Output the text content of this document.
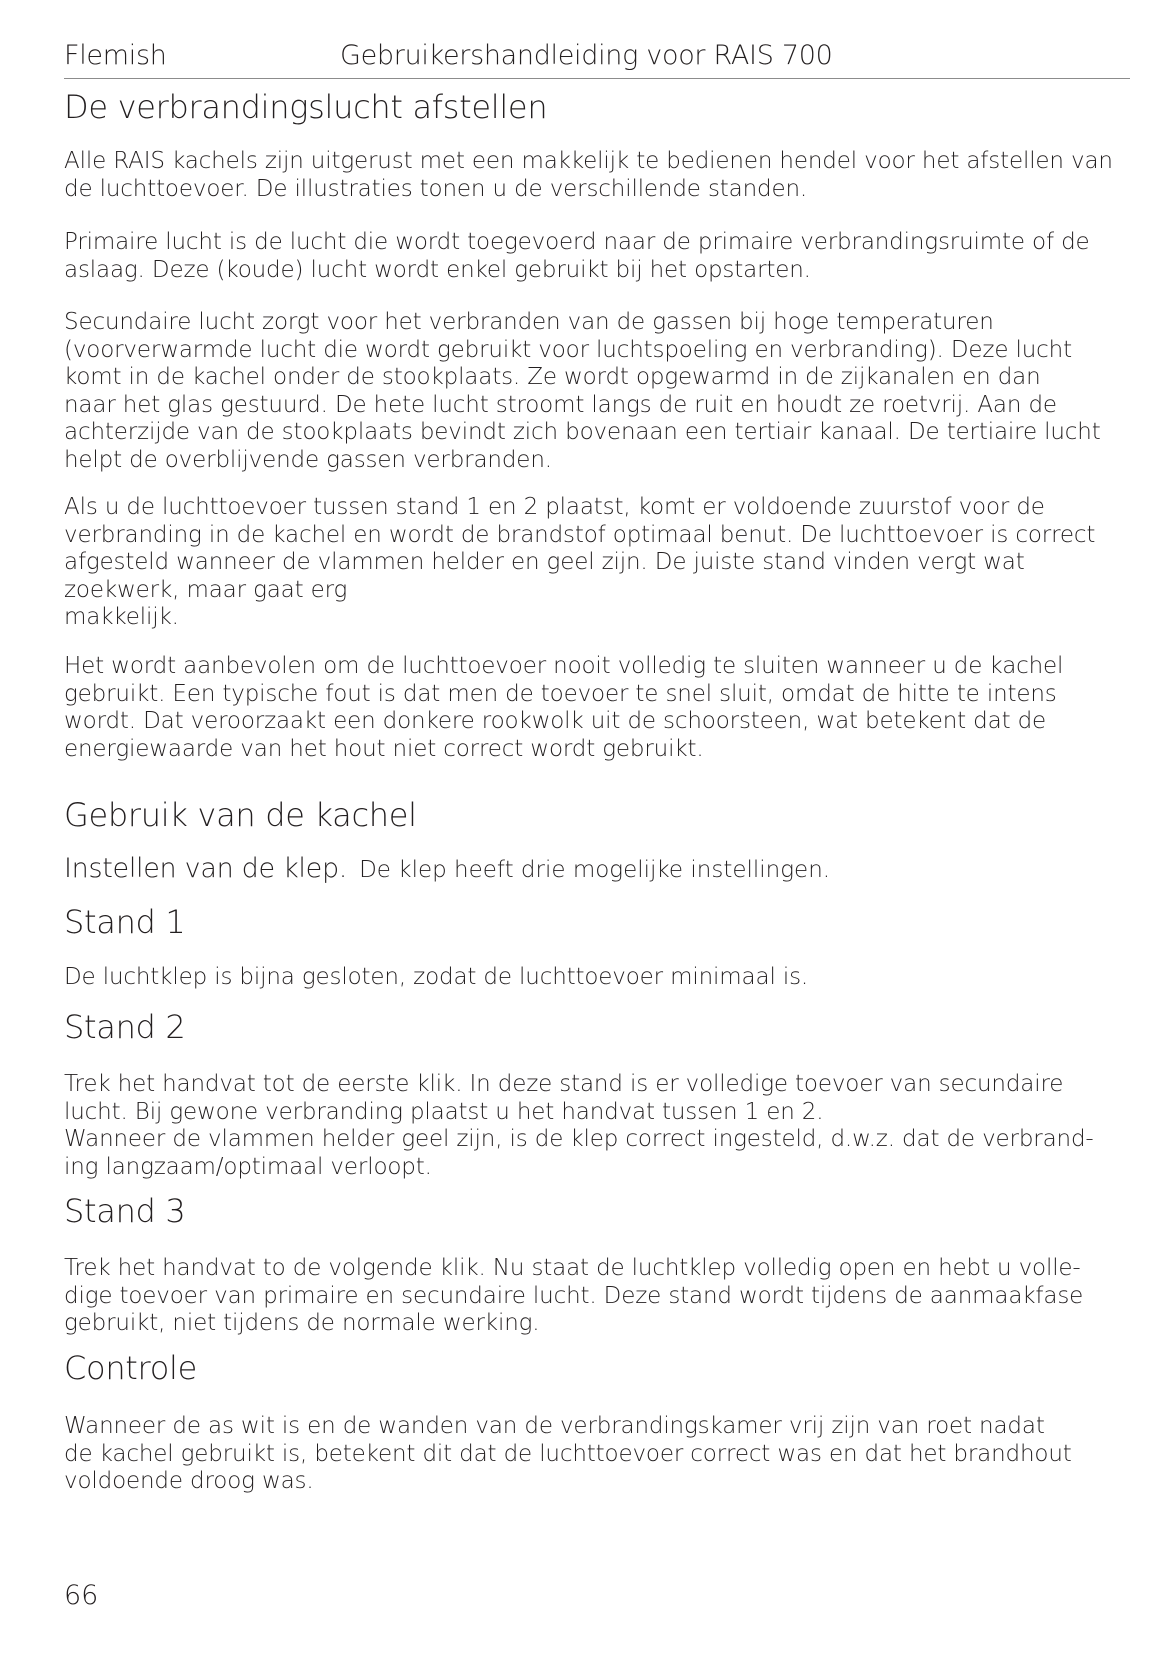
Flemish	Gebruikershandleiding voor RAIS 700
De verbrandingslucht afstellen
Alle RAIS kachels zijn uitgerust met een makkelijk te bedienen hendel voor het afstellen van
de luchttoevoer. De illustraties tonen u de verschillende standen.
Primaire lucht is de lucht die wordt toegevoerd naar de primaire verbrandingsruimte of de
aslaag. Deze (koude) lucht wordt enkel gebruikt bij het opstarten.
Secundaire lucht zorgt voor het verbranden van de gassen bij hoge temperaturen
(voorverwarmde lucht die wordt gebruikt voor luchtspoeling en verbranding). Deze lucht
komt in de kachel onder de stookplaats. Ze wordt opgewarmd in de zijkanalen en dan
naar het glas gestuurd. De hete lucht stroomt langs de ruit en houdt ze roetvrij. Aan de
achterzijde van de stookplaats bevindt zich bovenaan een tertiair kanaal. De tertiaire lucht
helpt de overblijvende gassen verbranden.
Als u de luchttoevoer tussen stand 1 en 2 plaatst, komt er voldoende zuurstof voor de
verbranding in de kachel en wordt de brandstof optimaal benut. De luchttoevoer is correct
afgesteld wanneer de vlammen helder en geel zijn. De juiste stand vinden vergt wat
zoekwerk, maar gaat erg
makkelijk.
Het wordt aanbevolen om de luchttoevoer nooit volledig te sluiten wanneer u de kachel
gebruikt. Een typische fout is dat men de toevoer te snel sluit, omdat de hitte te intens
wordt. Dat veroorzaakt een donkere rookwolk uit de schoorsteen, wat betekent dat de
energiewaarde van het hout niet correct wordt gebruikt.
Gebruik van de kachel
Instellen van de klep. De klep heeft drie mogelijke instellingen.
Stand 1
De luchtklep is bijna gesloten, zodat de luchttoevoer minimaal is.
Stand 2
Trek het handvat tot de eerste klik. In deze stand is er volledige toevoer van secundaire
lucht. Bij gewone verbranding plaatst u het handvat tussen 1 en 2.
Wanneer de vlammen helder geel zijn, is de klep correct ingesteld, d.w.z. dat de verbrand-
ing langzaam/optimaal verloopt.
Stand 3
Trek het handvat to de volgende klik. Nu staat de luchtklep volledig open en hebt u volle-
dige toevoer van primaire en secundaire lucht. Deze stand wordt tijdens de aanmaakfase
gebruikt, niet tijdens de normale werking.
Controle
Wanneer de as wit is en de wanden van de verbrandingskamer vrij zijn van roet nadat
de kachel gebruikt is, betekent dit dat de luchttoevoer correct was en dat het brandhout
voldoende droog was.
66
